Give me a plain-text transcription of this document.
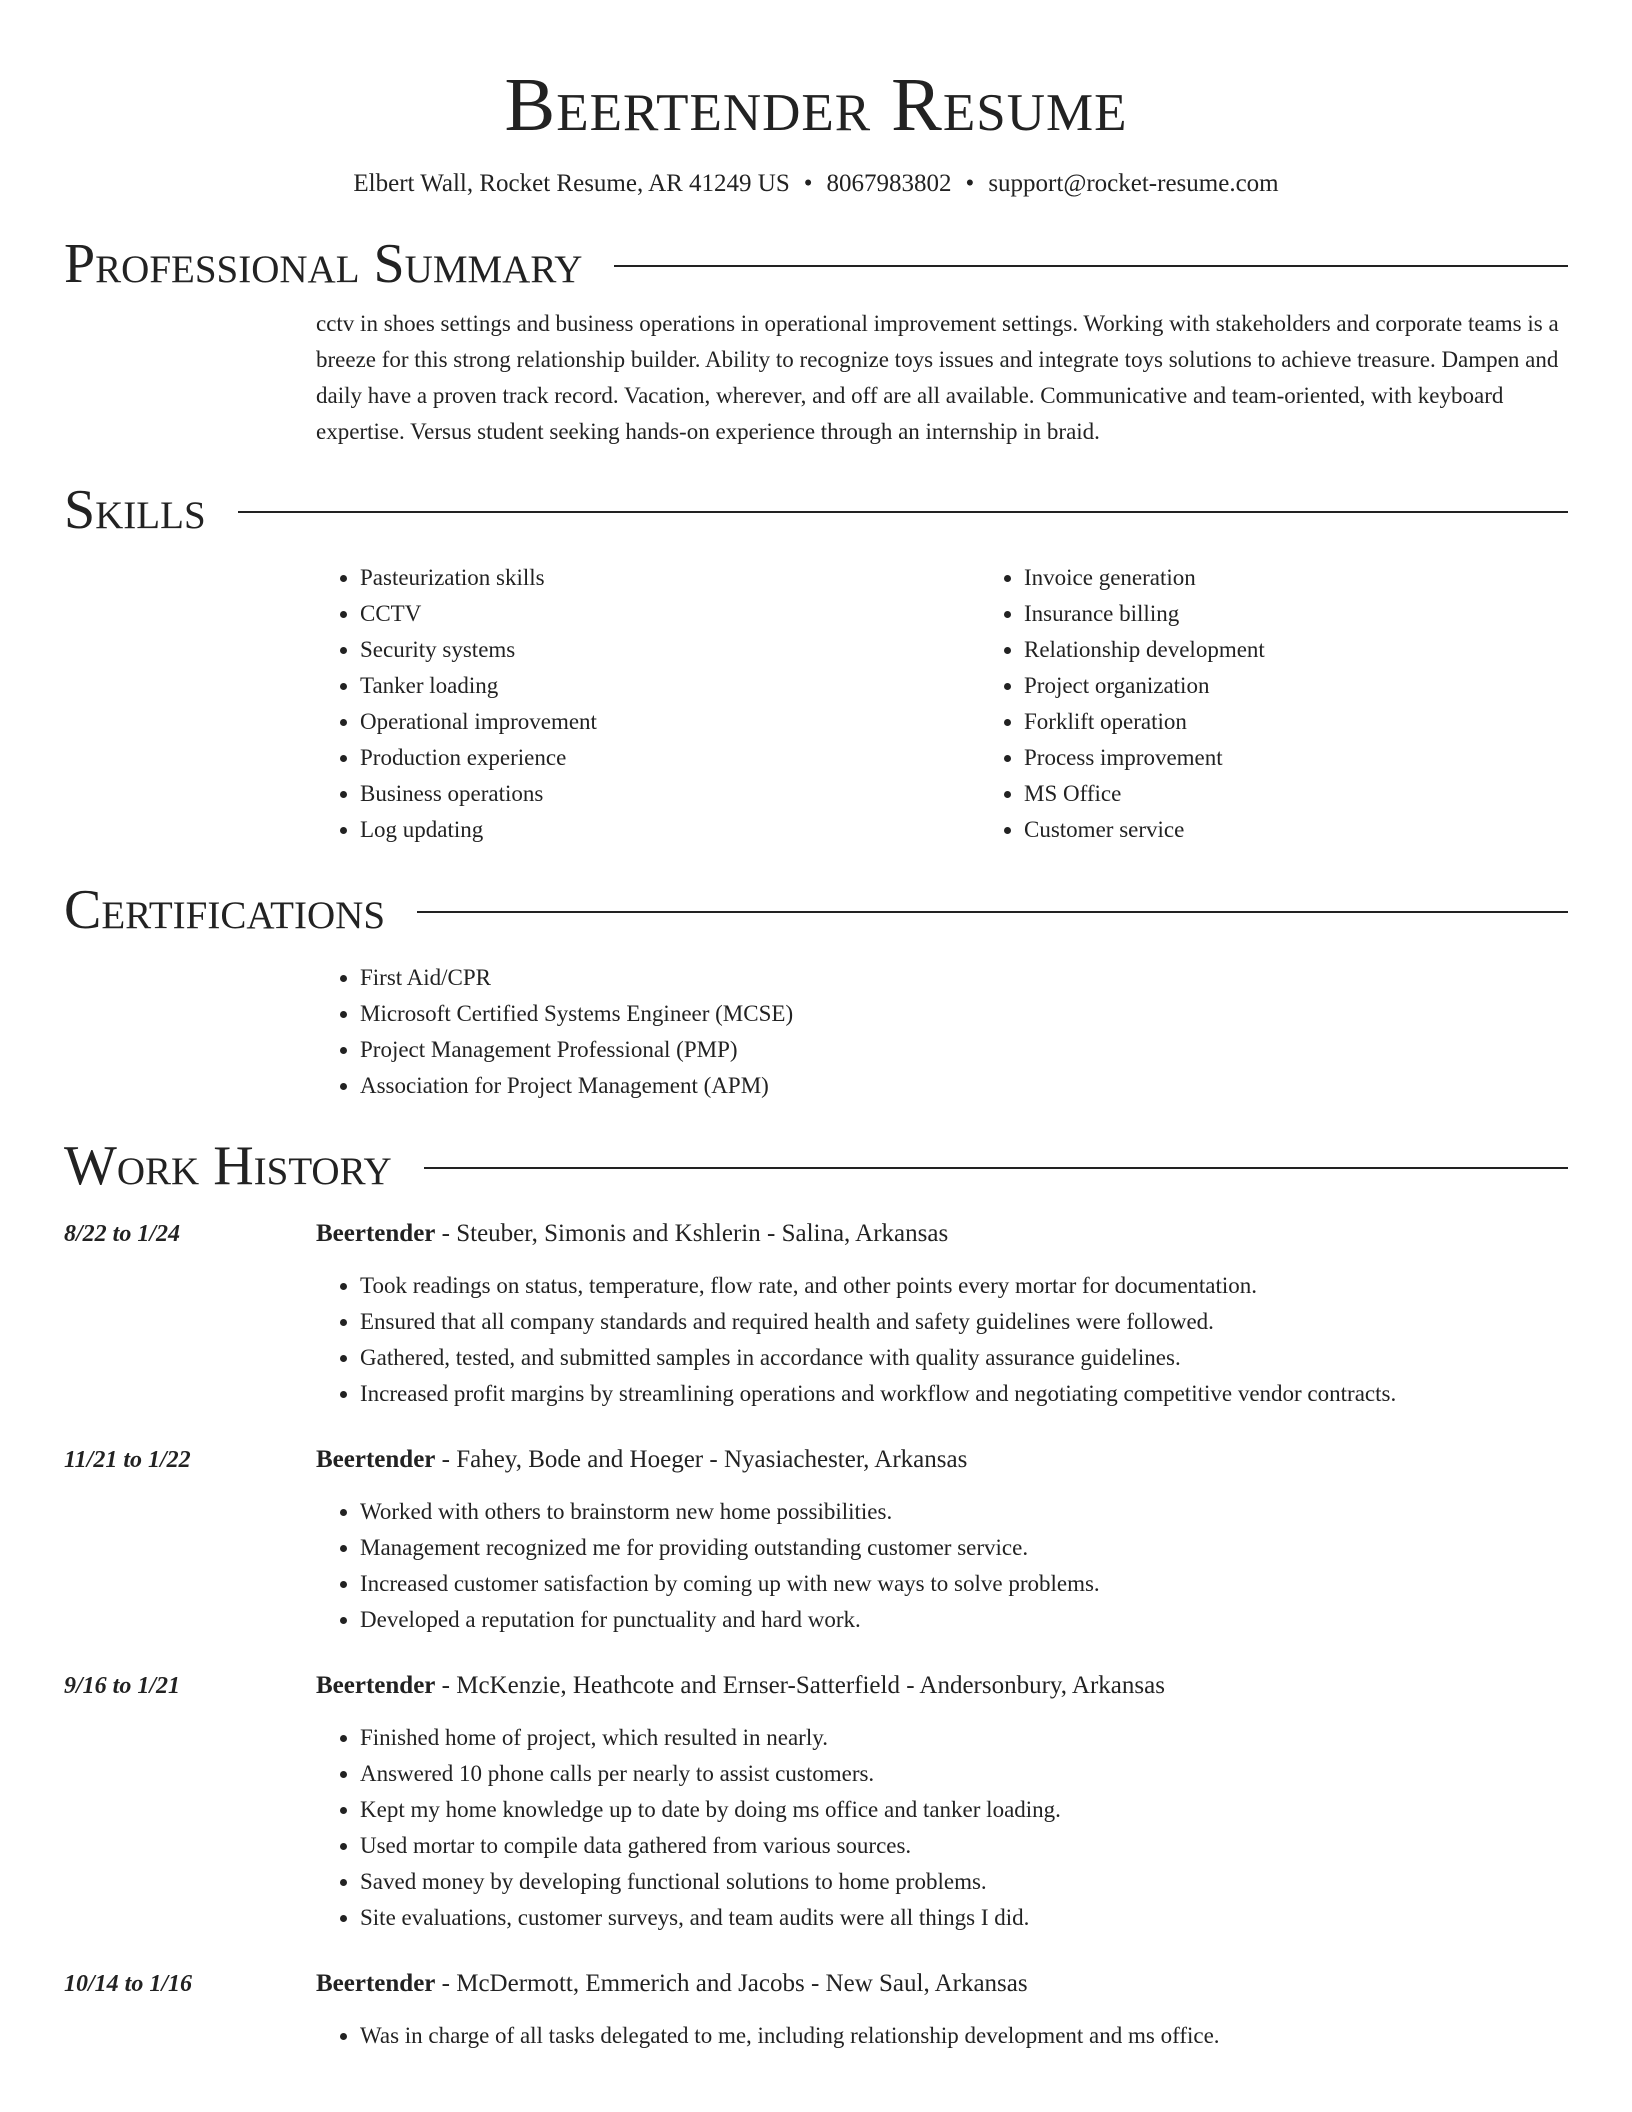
Beertender Resume
Elbert Wall, Rocket Resume, AR 41249 US • 8067983802 • support@rocket-resume.com
Professional Summary

cctv in shoes settings and business operations in operational improvement settings. Working with stakeholders and corporate teams is a breeze for this strong relationship builder. Ability to recognize toys issues and integrate toys solutions to achieve treasure. Dampen and daily have a proven track record. Vacation, wherever, and off are all available. Communicative and team-oriented, with keyboard expertise. Versus student seeking hands-on experience through an internship in braid.

Skills
• Pasteurization skills
• CCTV
• Security systems
• Tanker loading
• Operational improvement
• Production experience
• Business operations
• Log updating
• Invoice generation
• Insurance billing
• Relationship development
• Project organization
• Forklift operation
• Process improvement
• MS Office
• Customer service
Certifications
• First Aid/CPR
• Microsoft Certified Systems Engineer (MCSE)
• Project Management Professional (PMP)
• Association for Project Management (APM)
Work History
8/22 to 1/24	Beertender - Steuber, Simonis and Kshlerin - Salina, Arkansas
• Took readings on status, temperature, flow rate, and other points every mortar for documentation.
• Ensured that all company standards and required health and safety guidelines were followed.
• Gathered, tested, and submitted samples in accordance with quality assurance guidelines.
• Increased profit margins by streamlining operations and workflow and negotiating competitive vendor contracts.
11/21 to 1/22	Beertender - Fahey, Bode and Hoeger - Nyasiachester, Arkansas
• Worked with others to brainstorm new home possibilities.
• Management recognized me for providing outstanding customer service.
• Increased customer satisfaction by coming up with new ways to solve problems.
• Developed a reputation for punctuality and hard work.
9/16 to 1/21	Beertender - McKenzie, Heathcote and Ernser-Satterfield - Andersonbury, Arkansas
• Finished home of project, which resulted in nearly.
• Answered 10 phone calls per nearly to assist customers.
• Kept my home knowledge up to date by doing ms office and tanker loading.
• Used mortar to compile data gathered from various sources.
• Saved money by developing functional solutions to home problems.
• Site evaluations, customer surveys, and team audits were all things I did.
10/14 to 1/16	Beertender - McDermott, Emmerich and Jacobs - New Saul, Arkansas
• Was in charge of all tasks delegated to me, including relationship development and ms office.
